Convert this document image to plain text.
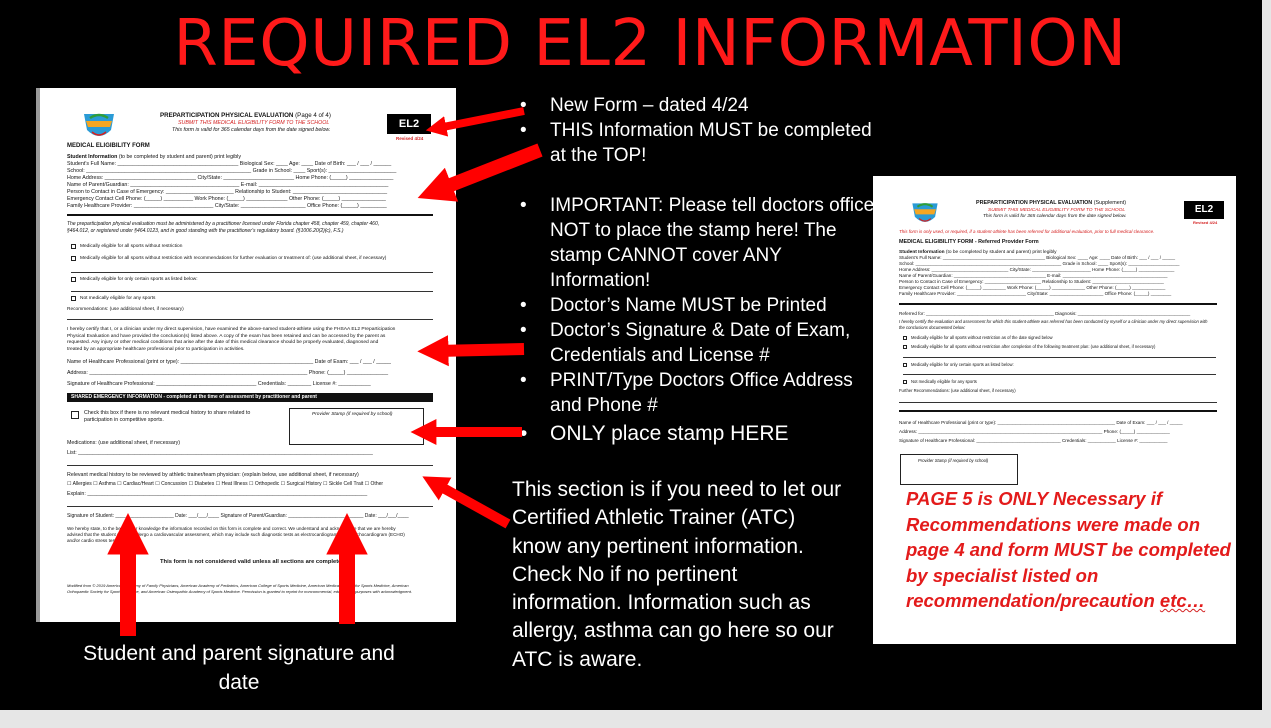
REQUIRED EL2 INFORMATION
PREPARTICIPATION PHYSICAL EVALUATION (Page 4 of 4)
SUBMIT THIS MEDICAL ELIGIBILITY FORM TO THE SCHOOL
This form is valid for 365 calendar days from the date signed below.	EL2
Revised 4/24
MEDICAL ELIGIBILITY FORM
Student Information (to be completed by student and parent) print legibly
Student’s Full Name: _________________________________________ Biological Sex: ____ Age: ____ Date of Birth: ___ / ___ / ______
School: ________________________________________________________ Grade in School: ____ Sport(s): _______________________
Home Address: _______________________________ City/State: ________________________ Home Phone: (_____) _______________
Name of Parent/Guardian: _____________________________________ E-mail: ____________________________________________
Person to Contact in Case of Emergency: _______________________ Relationship to Student: ________________________________
Emergency Contact Cell Phone: (_____) __________ Work Phone: (_____) ______________ Other Phone: (_____) _______________
Family Healthcare Provider: ___________________________ City/State: ______________________ Office Phone: (_____) _________
The preparticipation physical evaluation must be administered by a practitioner licensed under Florida chapter 458, chapter 459, chapter 460,
§464.012, or registered under §464.0123, and in good standing with the practitioner’s regulatory board. (§1006.20(2)(c), F.S.)
Medically eligible for all sports without restriction
Medically eligible for all sports without restriction with recommendations for further evaluation or treatment of: (use additional sheet, if necessary)
Medically eligible for only certain sports as listed below:
Not medically eligible for any sports
Recommendations: (use additional sheet, if necessary)
I hereby certify that I, or a clinician under my direct supervision, have examined the above-named student-athlete using the FHSAA EL2 Preparticipation
Physical Evaluation and have provided the conclusion(s) listed above. A copy of the exam has been retained and can be accessed by the parent as
requested. Any injury or other medical conditions that arise after the date of this medical clearance should be properly evaluated, diagnosed and
treated by an appropriate healthcare professional prior to participation in activities.
Name of Healthcare Professional (print or type): _____________________________________________ Date of Exam: ___ / ___ / _____
Address: __________________________________________________________________________ Phone: (_____) ______________
Signature of Healthcare Professional: __________________________________ Credentials: ________ License #: ___________
SHARED EMERGENCY INFORMATION - completed at the time of assessment by practitioner and parent
Check this box if there is no relevant medical history to share related to
participation in competitive sports.
Provider Stamp (if required by school)
Medications: (use additional sheet, if necessary)
List: ____________________________________________________________________________________________________
Relevant medical history to be reviewed by athletic trainer/team physician: (explain below, use additional sheet, if necessary)
☐ Allergies ☐ Asthma ☐ Cardiac/Heart ☐ Concussion ☐ Diabetes ☐ Heat Illness ☐ Orthopedic ☐ Surgical History ☐ Sickle Cell Trait ☐ Other
Explain: _______________________________________________________________________________________________
Signature of Student: _____________________ Date: ___/___/____ Signature of Parent/Guardian: ___________________________ Date: ___/___/____
We hereby state, to the best of our knowledge the information recorded on this form is complete and correct. We understand and acknowledge that we are hereby
advised that the student should undergo a cardiovascular assessment, which may include such diagnostic tests as electrocardiogram (ECG), echocardiogram (ECHO)
and/or cardio stress test.
This form is not considered valid unless all sections are complete.
Modified from © 2019 American Academy of Family Physicians, American Academy of Pediatrics, American College of Sports Medicine, American Medical Society for Sports Medicine, American
Orthopaedic Society for Sports Medicine, and American Osteopathic Academy of Sports Medicine. Permission is granted to reprint for noncommercial, educational purposes with acknowledgment.
PREPARTICIPATION PHYSICAL EVALUATION (Supplement)
SUBMIT THIS MEDICAL ELIGIBILITY FORM TO THE SCHOOL
This form is valid for 365 calendar days from the date signed below.
EL2
Revised 4/24
This form is only used, or required, if a student-athlete has been referred for additional evaluation, prior to full medical clearance.
MEDICAL ELIGIBILITY FORM - Referred Provider Form
Student Information (to be completed by student and parent) print legibly
Student’s Full Name: ________________________________________ Biological Sex: ____ Age: ____ Date of Birth: ___ / ___ / _____
School: _________________________________________________________ Grade in School: ____ Sport(s): ____________________
Home Address: ______________________________ City/State: _______________________ Home Phone: (_____) ______________
Name of Parent/Guardian: ____________________________________ E-mail: _________________________________________
Person to Contact in Case of Emergency: ______________________ Relationship to Student: ____________________________
Emergency Contact Cell Phone: (_____) _________ Work Phone: (_____) _____________ Other Phone: (_____) _____________
Family Healthcare Provider: ___________________________ City/State: _____________________ Office Phone: (_____) ________
Referred for: __________________________________________________ Diagnosis: ____________________________________________
I hereby certify the evaluation and assessment for which this student-athlete was referred has been conducted by myself or a clinician under my direct supervision with
the conclusions documented below:
Medically eligible for all sports without restriction as of the date signed below
Medically eligible for all sports without restriction after completion of the following treatment plan: (use additional sheet, if necessary)
Medically eligible for only certain sports as listed below:
Not medically eligible for any sports
Further Recommendations: (use additional sheet, if necessary)
Name of Healthcare Professional (print or type): ______________________________________________ Date of Exam: ___ / ___ / _____
Address: ________________________________________________________________________ Phone: (_____) _____________
Signature of Healthcare Professional: _________________________________ Credentials: ___________ License #: ___________
Provider Stamp (if required by school)
PAGE 5 is ONLY Necessary if Recommendations were made on page 4 and form MUST be completed by specialist listed on recommendation/precaution etc…
• New Form – dated 4/24
• THIS Information MUST be completed at the TOP!
• IMPORTANT: Please tell doctors office NOT to place the stamp here! The stamp CANNOT cover ANY Information!
• Doctor’s Name MUST be Printed
• Doctor’s Signature & Date of Exam, Credentials and License #
• PRINT/Type Doctors Office Address and Phone #
• ONLY place stamp HERE
This section is if you need to let our Certified Athletic Trainer (ATC) know any pertinent information. Check No if no pertinent information. Information such as allergy, asthma can go here so our ATC is aware.
Student and parent signature and date
